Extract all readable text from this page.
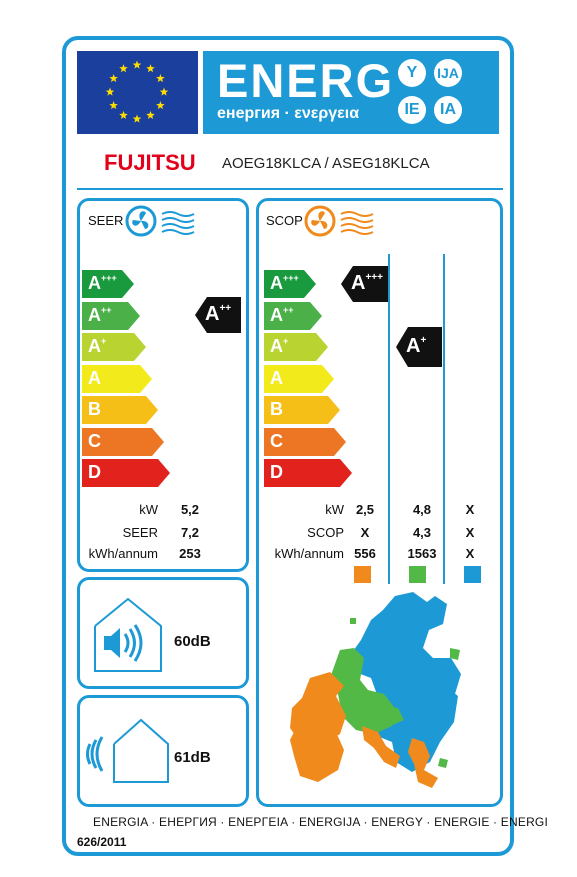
ENERG
енергия · ενεργεια
Y	IJA
IE	IA
FUJITSU AOEG18KLCA / ASEG18KLCA
SEER
A+++
A++
A+
A
B
C
D
A++
kW	5,2
SEER	7,2
kWh/annum	253
60dB
61dB
SCOP
A+++
A++
A+
A
B
C
D
A+++
A+
kW 2,5	4,8	X
SCOP	X	4,3	X
kWh/annum 556	1563	X
ENERGIA · ЕНЕРГИЯ · ΕΝΕΡΓΕΙΑ · ENERGIJA · ENERGY · ENERGIE · ENERGI
626/2011
